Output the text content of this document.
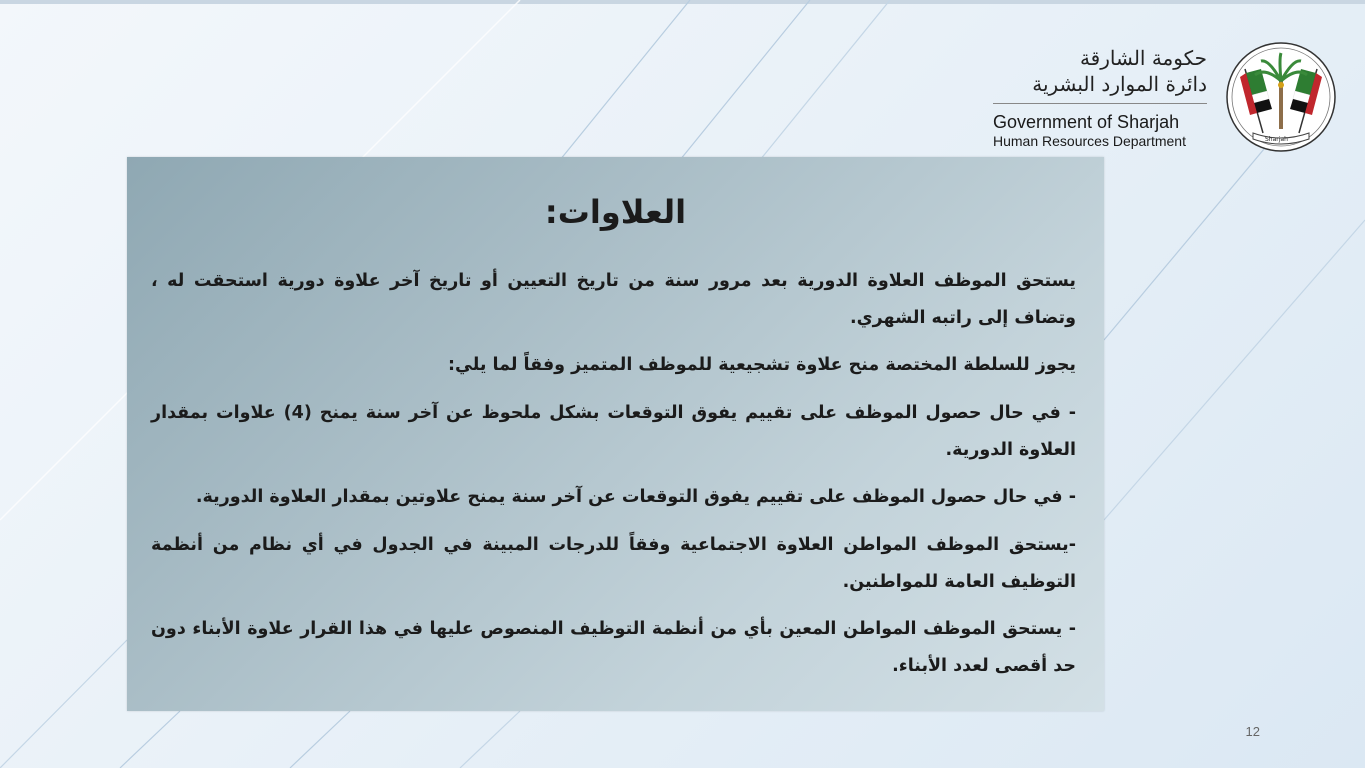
حكومة الشارقة
دائرة الموارد البشرية
Government of Sharjah
Human Resources Department	Sharjah
العلاوات:
يستحق الموظف العلاوة الدورية بعد مرور سنة من تاريخ التعيين أو تاريخ آخر علاوة دورية استحقت له ، وتضاف إلى راتبه الشهري.
يجوز للسلطة المختصة منح علاوة تشجيعية للموظف المتميز وفقاً لما يلي:
- في حال حصول الموظف على تقييم يفوق التوقعات بشكل ملحوظ عن آخر سنة يمنح (4) علاوات بمقدار العلاوة الدورية.
- في حال حصول الموظف على تقييم يفوق التوقعات عن آخر سنة يمنح علاوتين بمقدار العلاوة الدورية.
-يستحق الموظف المواطن العلاوة الاجتماعية وفقاً للدرجات المبينة في الجدول في أي نظام من أنظمة التوظيف العامة للمواطنين.
- يستحق الموظف المواطن المعين بأي من أنظمة التوظيف المنصوص عليها في هذا القرار علاوة الأبناء دون حد أقصى لعدد الأبناء.
12
